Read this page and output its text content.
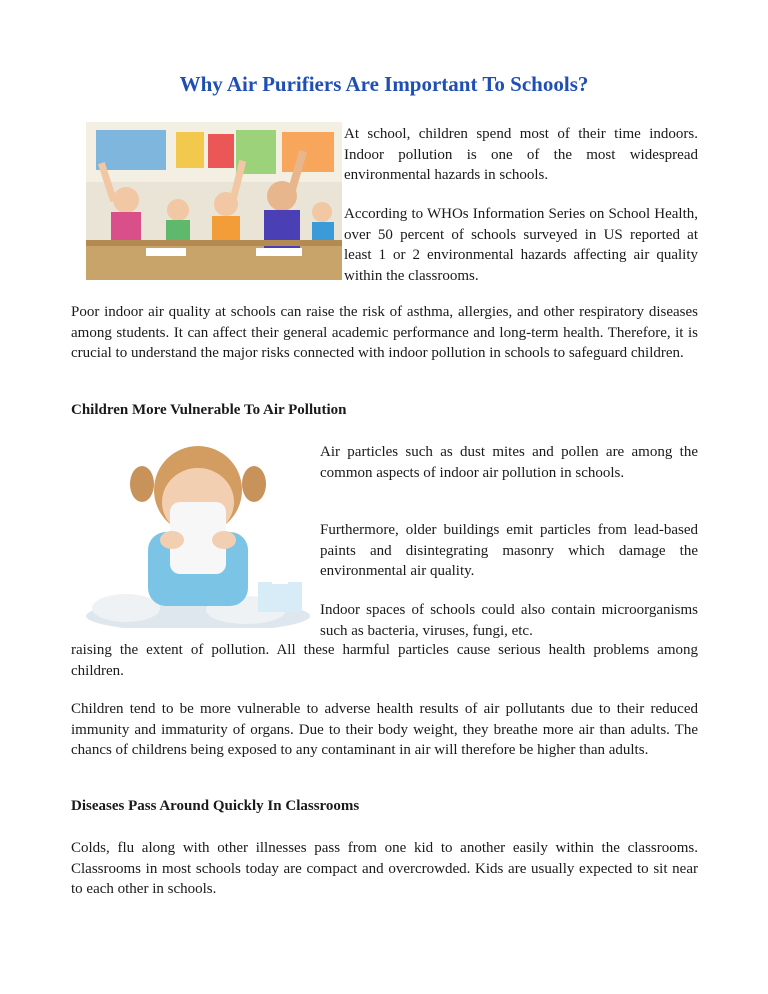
Why Air Purifiers Are Important To Schools?

At school, children spend most of their time indoors. Indoor pollution is one of the most widespread environmental hazards in schools.

According to WHOs Information Series on School Health, over 50 percent of schools surveyed in US reported at least 1 or 2 environmental hazards affecting air quality within the classrooms.

Poor indoor air quality at schools can raise the risk of asthma, allergies, and other respiratory diseases among students. It can affect their general academic performance and long-term health. Therefore, it is crucial to understand the major risks connected with indoor pollution in schools to safeguard children.

Children More Vulnerable To Air Pollution

Air particles such as dust mites and pollen are among the common aspects of indoor air pollution in schools.

Furthermore, older buildings emit particles from lead-based paints and disintegrating masonry which damage the environmental air quality.

Indoor spaces of schools could also contain microorganisms such as bacteria, viruses, fungi, etc.

raising the extent of pollution. All these harmful particles cause serious health problems among children.

Children tend to be more vulnerable to adverse health results of air pollutants due to their reduced immunity and immaturity of organs. Due to their body weight, they breathe more air than adults. The chancs of childrens being exposed to any contaminant in air will therefore be higher than adults.

Diseases Pass Around Quickly In Classrooms

Colds, flu along with other illnesses pass from one kid to another easily within the classrooms. Classrooms in most schools today are compact and overcrowded. Kids are usually expected to sit near to each other in schools.
